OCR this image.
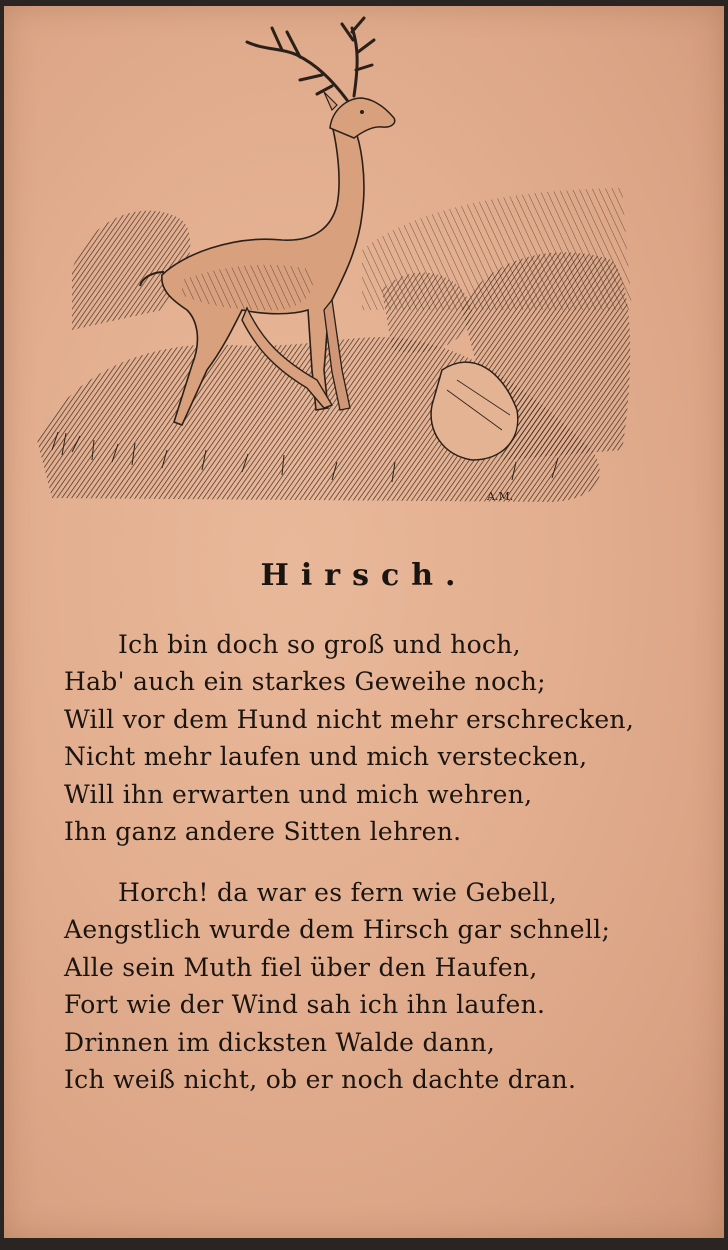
A.M.
Hirsch.
Ich bin doch so groß und hoch,
Hab' auch ein starkes Geweihe noch;
Will vor dem Hund nicht mehr erschrecken,
Nicht mehr laufen und mich verstecken,
Will ihn erwarten und mich wehren,
Ihn ganz andere Sitten lehren.
Horch! da war es fern wie Gebell,
Aengstlich wurde dem Hirsch gar schnell;
Alle sein Muth fiel über den Haufen,
Fort wie der Wind sah ich ihn laufen.
Drinnen im dicksten Walde dann,
Ich weiß nicht, ob er noch dachte dran.
